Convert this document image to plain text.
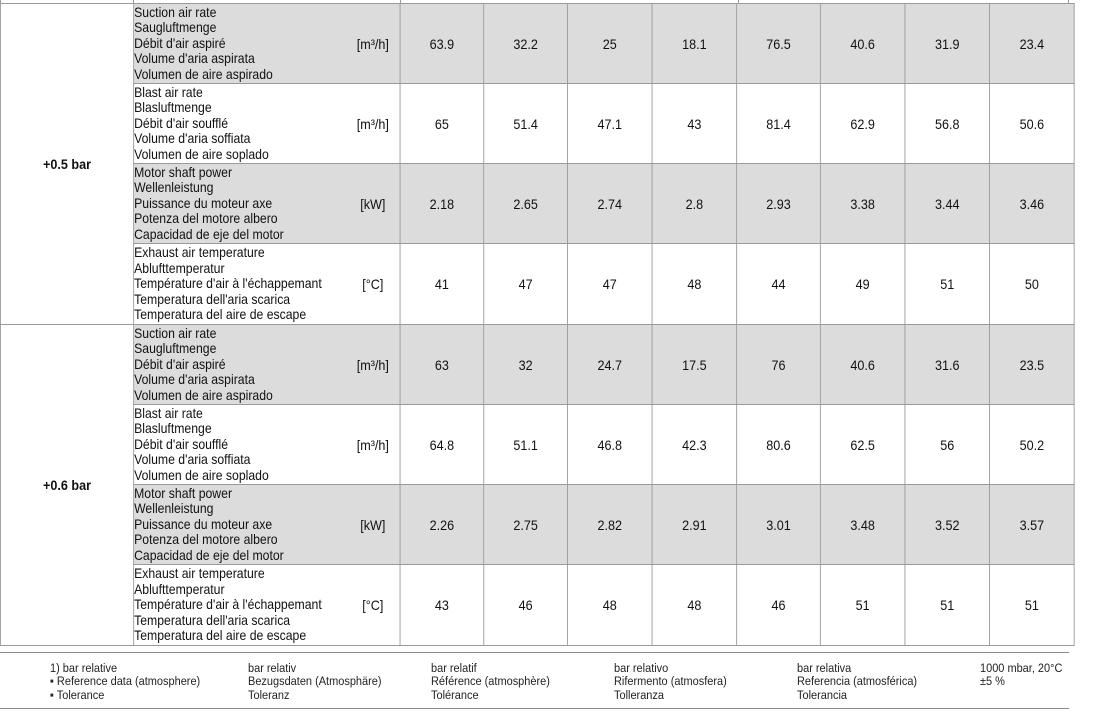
+0.5 bar	Suction air rate
Saugluftmenge
Débit d'air aspiré
Volume d'aria aspirata
Volumen de aire aspirado	[m³/h]	63.9	32.2	25	18.1	76.5	40.6	31.9	23.4

	Blast air rate
Blasluftmenge
Débit d'air soufflé
Volume d'aria soffiata
Volumen de aire soplado	[m³/h]	65	51.4	47.1	43	81.4	62.9	56.8	50.6

	Motor shaft power
Wellenleistung
Puissance du moteur axe
Potenza del motore albero
Capacidad de eje del motor	[kW]	2.18	2.65	2.74	2.8	2.93	3.38	3.44	3.46

	Exhaust air temperature
Ablufttemperatur
Température d'air à l'échappemant
Temperatura dell'aria scarica
Temperatura del aire de escape	[°C]	41	47	47	48	44	49	51	50
+0.6 bar	Suction air rate
Saugluftmenge
Débit d'air aspiré
Volume d'aria aspirata
Volumen de aire aspirado	[m³/h]	63	32	24.7	17.5	76	40.6	31.6	23.5

	Blast air rate
Blasluftmenge
Débit d'air soufflé
Volume d'aria soffiata
Volumen de aire soplado	[m³/h]	64.8	51.1	46.8	42.3	80.6	62.5	56	50.2

	Motor shaft power
Wellenleistung
Puissance du moteur axe
Potenza del motore albero
Capacidad de eje del motor	[kW]	2.26	2.75	2.82	2.91	3.01	3.48	3.52	3.57

	Exhaust air temperature
Ablufttemperatur
Température d'air à l'échappemant
Temperatura dell'aria scarica
Temperatura del aire de escape	[°C]	43	46	48	48	46	51	51	51
1) bar relative
▪ Reference data (atmosphere)
▪ Tolerance
bar relativ
Bezugsdaten (Atmosphäre)
Toleranz
bar relatif
Référence (atmosphère)
Tolérance
bar relativo
Rifermento (atmosfera)
Tolleranza
bar relativa
Referencia (atmosférica)
Tolerancia
1000 mbar, 20°C
±5 %
